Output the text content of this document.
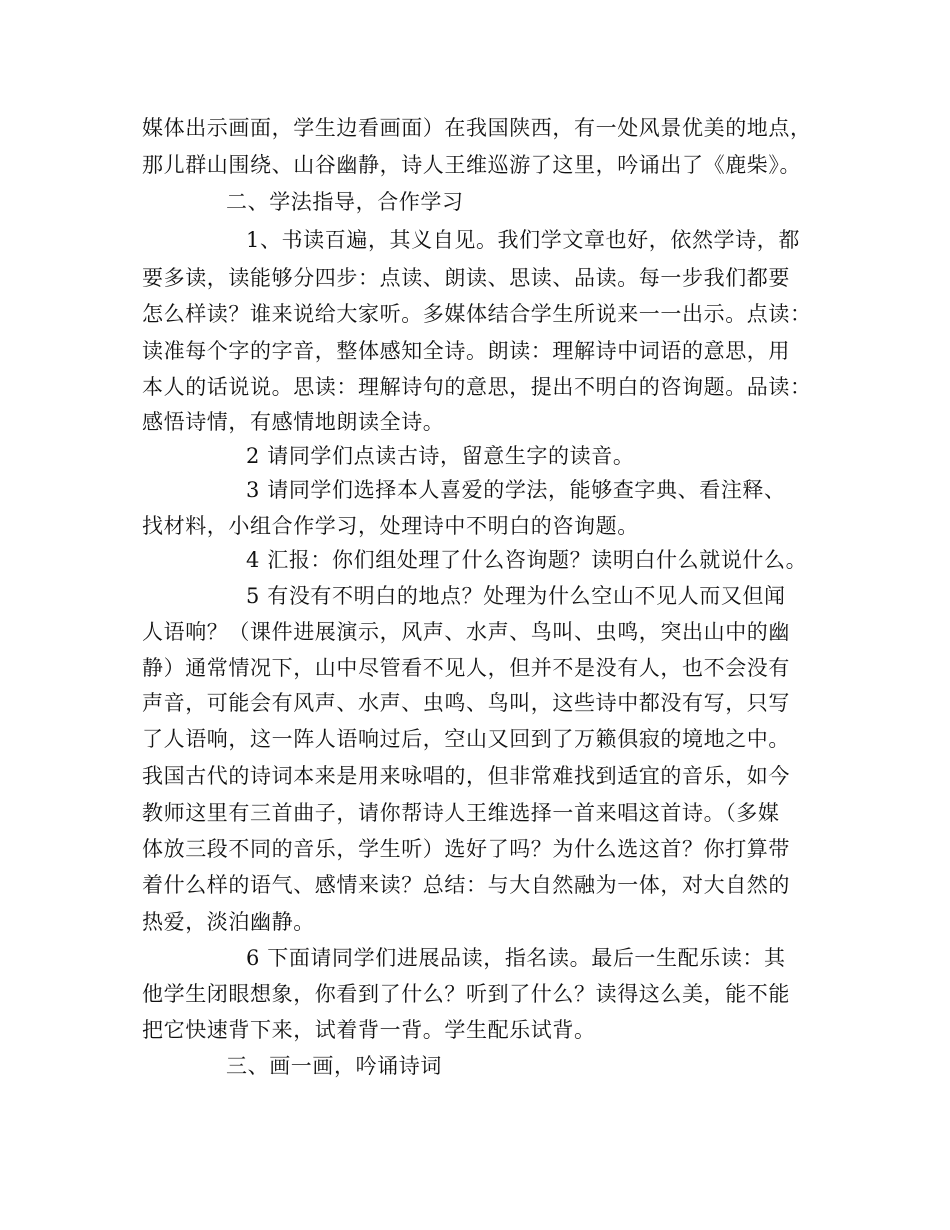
媒体出示画面，学生边看画面）在我国陕西，有一处风景优美的地点，
那儿群山围绕、山谷幽静，诗人王维巡游了这里，吟诵出了《鹿柴》。
二、学法指导，合作学习
1、书读百遍，其义自见。我们学文章也好，依然学诗，都
要多读，读能够分四步：点读、朗读、思读、品读。每一步我们都要
怎么样读？谁来说给大家听。多媒体结合学生所说来一一出示。点读：
读准每个字的字音，整体感知全诗。朗读：理解诗中词语的意思，用
本人的话说说。思读：理解诗句的意思，提出不明白的咨询题。品读：
感悟诗情，有感情地朗读全诗。
2 请同学们点读古诗，留意生字的读音。
3 请同学们选择本人喜爱的学法，能够查字典、看注释、
找材料，小组合作学习，处理诗中不明白的咨询题。
4 汇报：你们组处理了什么咨询题？读明白什么就说什么。
5 有没有不明白的地点？处理为什么空山不见人而又但闻
人语响？（课件进展演示，风声、水声、鸟叫、虫鸣，突出山中的幽
静）通常情况下，山中尽管看不见人，但并不是没有人，也不会没有
声音，可能会有风声、水声、虫鸣、鸟叫，这些诗中都没有写，只写
了人语响，这一阵人语响过后，空山又回到了万籁俱寂的境地之中。
我国古代的诗词本来是用来咏唱的，但非常难找到适宜的音乐，如今
教师这里有三首曲子，请你帮诗人王维选择一首来唱这首诗。（多媒
体放三段不同的音乐，学生听）选好了吗？为什么选这首？你打算带
着什么样的语气、感情来读？总结：与大自然融为一体，对大自然的
热爱，淡泊幽静。
6 下面请同学们进展品读，指名读。最后一生配乐读：其
他学生闭眼想象，你看到了什么？听到了什么？读得这么美，能不能
把它快速背下来，试着背一背。学生配乐试背。
三、画一画，吟诵诗词
